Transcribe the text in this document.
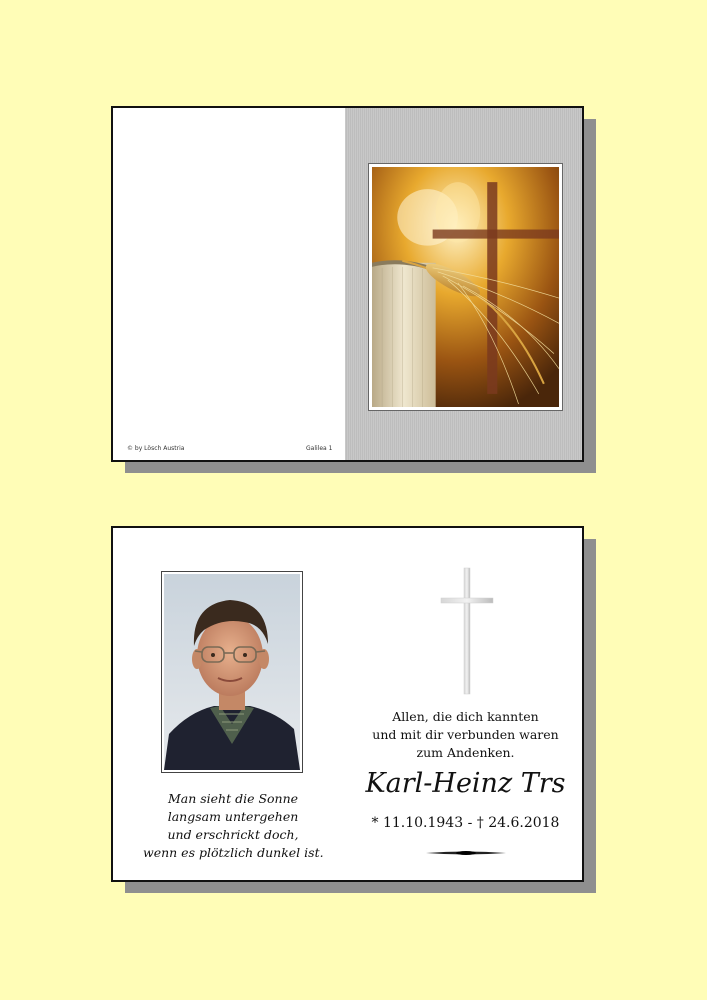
© by Lösch Austria	Galilea 1
Man sieht die Sonne
langsam untergehen
und erschrickt doch,
wenn es plötzlich dunkel ist.
Allen, die dich kannten
und mit dir verbunden waren
zum Andenken.
Karl-Heinz Trs
* 11.10.1943 - † 24.6.2018
